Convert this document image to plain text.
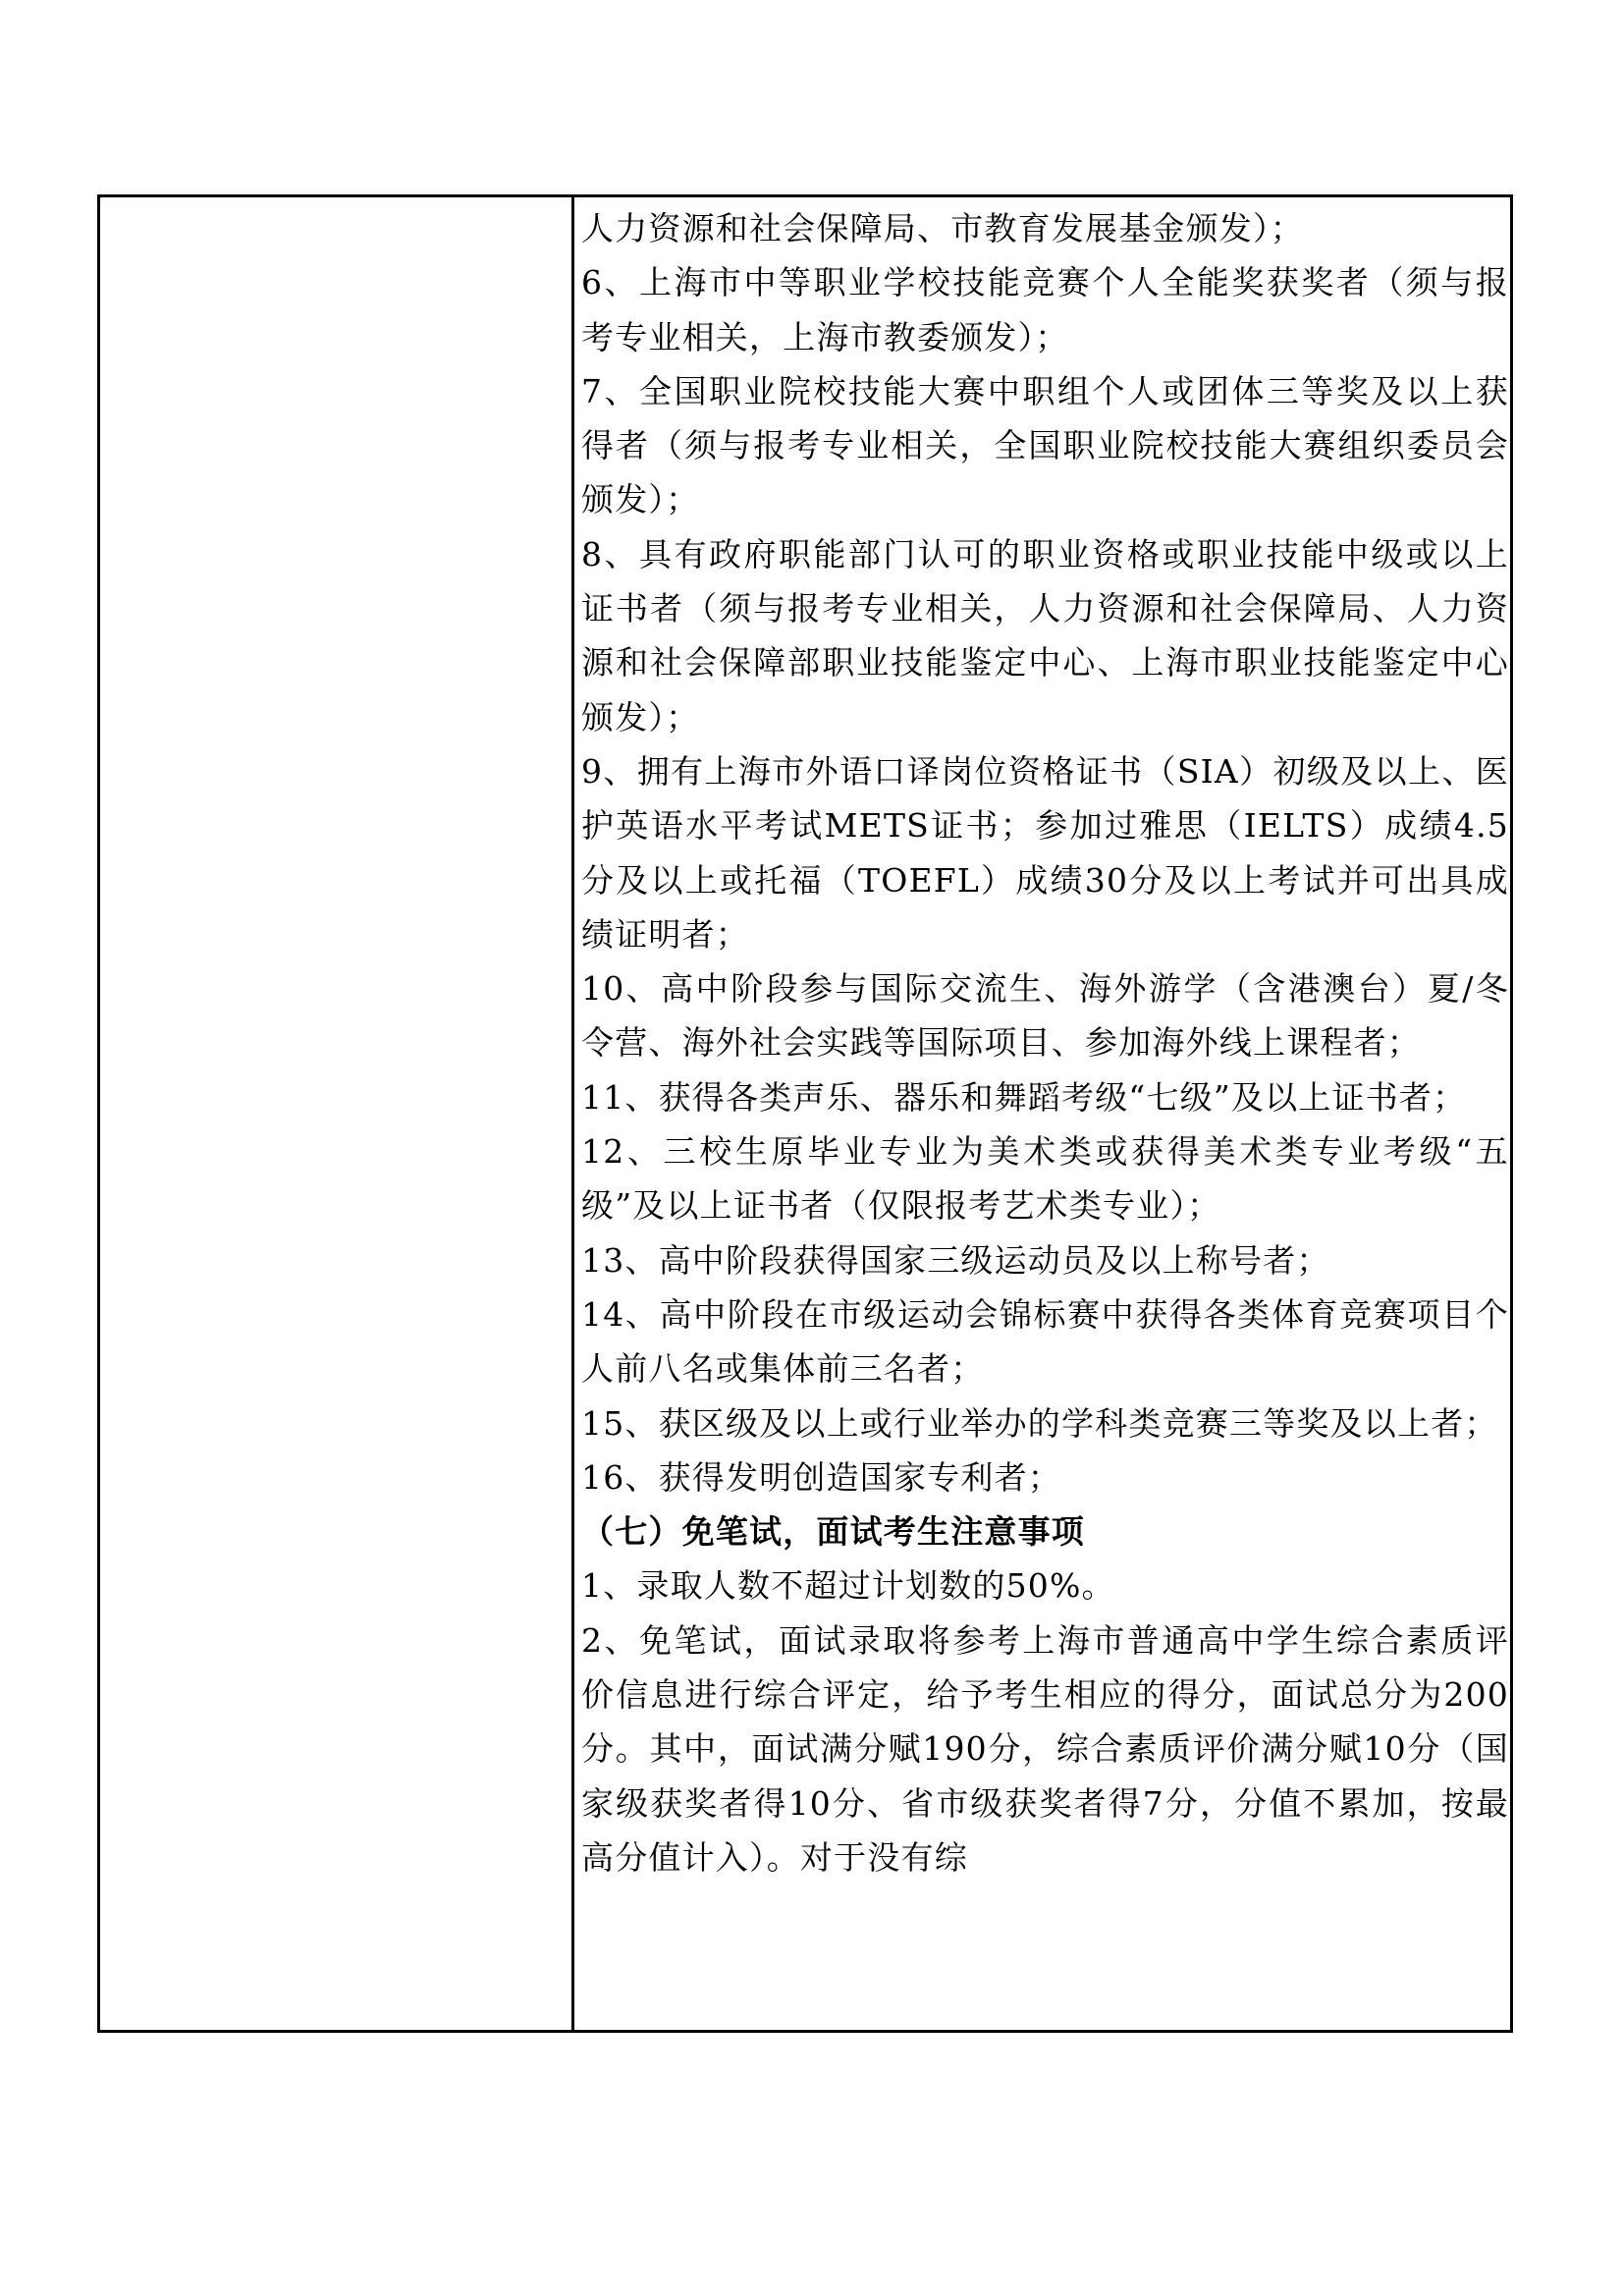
人力资源和社会保障局、市教育发展基金颁发）；

6、上海市中等职业学校技能竞赛个人全能奖获奖者（须与报考专业相关，上海市教委颁发）；

7、全国职业院校技能大赛中职组个人或团体三等奖及以上获得者（须与报考专业相关，全国职业院校技能大赛组织委员会颁发）；

8、具有政府职能部门认可的职业资格或职业技能中级或以上证书者（须与报考专业相关，人力资源和社会保障局、人力资源和社会保障部职业技能鉴定中心、上海市职业技能鉴定中心颁发）；

9、拥有上海市外语口译岗位资格证书（SIA）初级及以上、医护英语水平考试METS证书；参加过雅思（IELTS）成绩4.5分及以上或托福（TOEFL）成绩30分及以上考试并可出具成绩证明者；

10、高中阶段参与国际交流生、海外游学（含港澳台）夏/冬令营、海外社会实践等国际项目、参加海外线上课程者；

11、获得各类声乐、器乐和舞蹈考级“七级”及以上证书者；

12、三校生原毕业专业为美术类或获得美术类专业考级“五级”及以上证书者（仅限报考艺术类专业）；

13、高中阶段获得国家三级运动员及以上称号者；

14、高中阶段在市级运动会锦标赛中获得各类体育竞赛项目个人前八名或集体前三名者；

15、获区级及以上或行业举办的学科类竞赛三等奖及以上者；

16、获得发明创造国家专利者；

（七）免笔试，面试考生注意事项

1、录取人数不超过计划数的50%。

2、免笔试，面试录取将参考上海市普通高中学生综合素质评价信息进行综合评定，给予考生相应的得分，面试总分为200分。其中，面试满分赋190分，综合素质评价满分赋10分（国家级获奖者得10分、省市级获奖者得7分，分值不累加，按最高分值计入）。对于没有综
